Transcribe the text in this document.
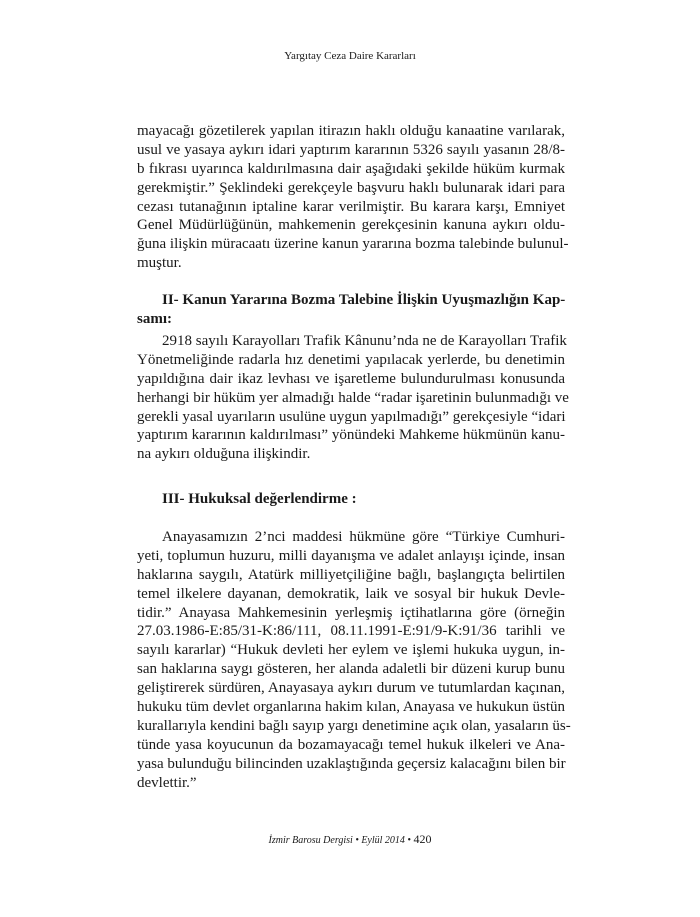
Yargıtay Ceza Daire Kararları
mayacağı gözetilerek yapılan itirazın haklı olduğu kanaatine varılarak,
usul ve yasaya aykırı idari yaptırım kararının 5326 sayılı yasanın 28/8-
b fıkrası uyarınca kaldırılmasına dair aşağıdaki şekilde hüküm kurmak
gerekmiştir.” Şeklindeki gerekçeyle başvuru haklı bulunarak idari para
cezası tutanağının iptaline karar verilmiştir. Bu karara karşı, Emniyet
Genel Müdürlüğünün, mahkemenin gerekçesinin kanuna aykırı oldu-
ğuna ilişkin müracaatı üzerine kanun yararına bozma talebinde bulunul-
muştur.
II- Kanun Yararına Bozma Talebine İlişkin Uyuşmazlığın Kap-
samı:
2918 sayılı Karayolları Trafik Kânunu’nda ne de Karayolları Trafik
Yönetmeliğinde radarla hız denetimi yapılacak yerlerde, bu denetimin
yapıldığına dair ikaz levhası ve işaretleme bulundurulması konusunda
herhangi bir hüküm yer almadığı halde “radar işaretinin bulunmadığı ve
gerekli yasal uyarıların usulüne uygun yapılmadığı” gerekçesiyle “idari
yaptırım kararının kaldırılması” yönündeki Mahkeme hükmünün kanu-
na aykırı olduğuna ilişkindir.
III- Hukuksal değerlendirme :
Anayasamızın 2’nci maddesi hükmüne göre “Türkiye Cumhuri-
yeti, toplumun huzuru, milli dayanışma ve adalet anlayışı içinde, insan
haklarına saygılı, Atatürk milliyetçiliğine bağlı, başlangıçta belirtilen
temel ilkelere dayanan, demokratik, laik ve sosyal bir hukuk Devle-
tidir.” Anayasa Mahkemesinin yerleşmiş içtihatlarına göre (örneğin
27.03.1986-E:85/31-K:86/111, 08.11.1991-E:91/9-K:91/36 tarihli ve
sayılı kararlar) “Hukuk devleti her eylem ve işlemi hukuka uygun, in-
san haklarına saygı gösteren, her alanda adaletli bir düzeni kurup bunu
geliştirerek sürdüren, Anayasaya aykırı durum ve tutumlardan kaçınan,
hukuku tüm devlet organlarına hakim kılan, Anayasa ve hukukun üstün
kurallarıyla kendini bağlı sayıp yargı denetimine açık olan, yasaların üs-
tünde yasa koyucunun da bozamayacağı temel hukuk ilkeleri ve Ana-
yasa bulunduğu bilincinden uzaklaştığında geçersiz kalacağını bilen bir
devlettir.”
İzmir Barosu Dergisi • Eylül 2014 • 420
